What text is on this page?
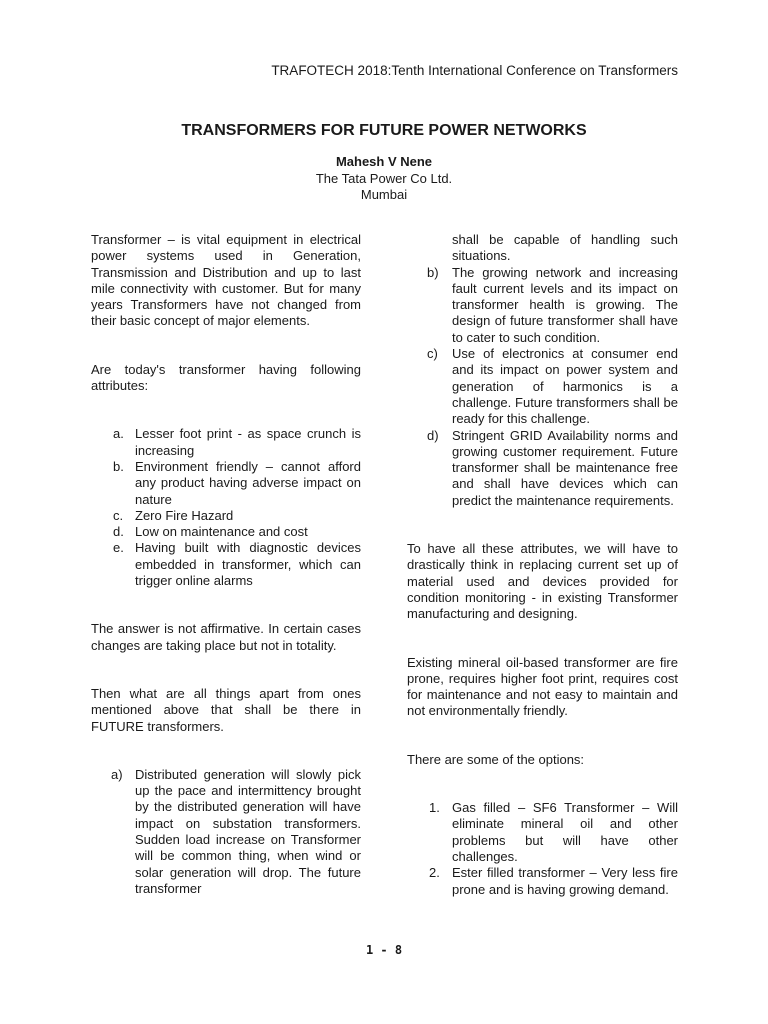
TRAFOTECH 2018:Tenth International Conference on Transformers
TRANSFORMERS FOR FUTURE POWER NETWORKS
Mahesh V Nene
The Tata Power Co Ltd.
Mumbai

Transformer – is vital equipment in electrical power systems used in Generation, Transmission and Distribution and up to last mile connectivity with customer. But for many years Transformers have not changed from their basic concept of major elements.

Are today's transformer having following attributes:

a. Lesser foot print - as space crunch is increasing
b. Environment friendly – cannot afford any product having adverse impact on nature
c. Zero Fire Hazard
d. Low on maintenance and cost
e. Having built with diagnostic devices embedded in transformer, which can trigger online alarms

The answer is not affirmative. In certain cases changes are taking place but not in totality.

Then what are all things apart from ones mentioned above that shall be there in FUTURE transformers.

a) Distributed generation will slowly pick up the pace and intermittency brought by the distributed generation will have impact on substation transformers. Sudden load increase on Transformer will be common thing, when wind or solar generation will drop. The future transformer

shall be capable of handling such situations.

b) The growing network and increasing fault current levels and its impact on transformer health is growing. The design of future transformer shall have to cater to such condition.
c) Use of electronics at consumer end and its impact on power system and generation of harmonics is a challenge. Future transformers shall be ready for this challenge.
d) Stringent GRID Availability norms and growing customer requirement. Future transformer shall be maintenance free and shall have devices which can predict the maintenance requirements.

To have all these attributes, we will have to drastically think in replacing current set up of material used and devices provided for condition monitoring - in existing Transformer manufacturing and designing.

Existing mineral oil-based transformer are fire prone, requires higher foot print, requires cost for maintenance and not easy to maintain and not environmentally friendly.

There are some of the options:

1. Gas filled – SF6 Transformer – Will eliminate mineral oil and other problems but will have other challenges.
2. Ester filled transformer – Very less fire prone and is having growing demand.
1 - 8
